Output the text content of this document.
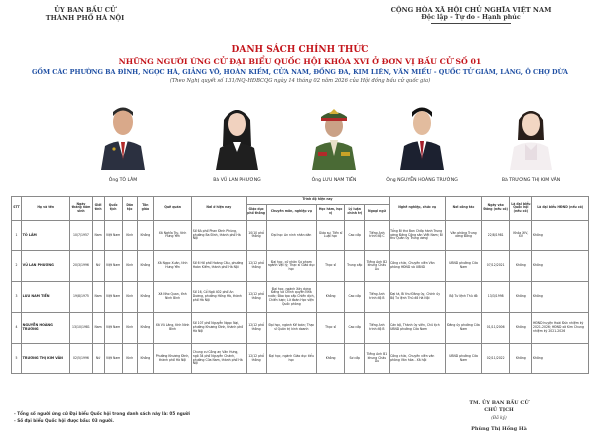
ỦY BAN BẦU CỬ
THÀNH PHỐ HÀ NỘI
CỘNG HÒA XÃ HỘI CHỦ NGHĨA VIỆT NAM
Độc lập - Tự do - Hạnh phúc
DANH SÁCH CHÍNH THỨC
NHỮNG NGƯỜI ỨNG CỬ ĐẠI BIỂU QUỐC HỘI KHÓA XVI Ở ĐƠN VỊ BẦU CỬ SỐ 01
GỒM CÁC PHƯỜNG BA ĐÌNH, NGỌC HÀ, GIẢNG VÕ, HOÀN KIẾM, CỬA NAM, ĐỐNG ĐA, KIM LIÊN, VĂN MIẾU - QUỐC TỬ GIÁM, LÁNG, Ô CHỢ DỪA
(Theo Nghị quyết số 131/NQ-HĐBCQG ngày 14 tháng 02 năm 2026 của Hội đồng bầu cử quốc gia)
Ông TÔ LÂM	Bà VŨ LAN PHƯƠNG	Ông LƯU NAM TIẾN	Ông NGUYỄN HOÀNG TRƯỜNG	Bà TRƯƠNG THỊ KIM VÂN
STT	Họ và tên	Ngày tháng năm sinh	Giới tính	Quốc tịch	Dân tộc	Tôn giáo	Quê quán	Nơi ở hiện nay	Trình độ hiện nay					Nghề nghiệp, chức vụ	Nơi công tác	Ngày vào Đảng (nếu có)	Là đại biểu Quốc hội (nếu có)	Là đại biểu HĐND (nếu có)
									Giáo dục phổ thông	Chuyên môn, nghiệp vụ	Học hàm, học vị	Lý luận chính trị	Ngoại ngữ					
1	TÔ LÂM	10/7/1957	Nam	Việt Nam	Kinh	Không	Xã Nghĩa Trụ, tỉnh Hưng Yên	Số 6A phố Phan Đình Phùng, phường Ba Đình, thành phố Hà Nội	10/10 phổ thông	Đại học An ninh nhân dân	Giáo sư, Tiến sĩ Luật học	Cao cấp	Tiếng Anh trình độ C	Tổng Bí thư Ban Chấp hành Trung ương Đảng Cộng sản Việt Nam; Bí thư Quân ủy Trung ương	Văn phòng Trung ương Đảng	22/8/1981	Khóa XIV, XV	Không
2	VŨ LAN PHƯƠNG	20/3/1996	Nữ	Việt Nam	Kinh	Không	Xã Ngọc Xuân, tỉnh Hưng Yên	Số 6 Hồ phố Hoàng Cầu, phường Hoàn Kiếm, thành phố Hà Nội	12/12 phổ thông	Đại học, cử nhân Sư phạm ngành Vật lý; Thạc sĩ Giáo dục học	Thạc sĩ	Trung cấp	Tiếng Anh B2 khung Châu Âu	Công chức, Chuyên viên Văn phòng HĐND và UBND	UBND phường Cửa Nam	07/12/2021	Không	Không
3	LƯU NAM TIẾN	19/8/1975	Nam	Việt Nam	Kinh	Không	Xã Nho Quan, tỉnh Ninh Bình	Số 16, Cổ Ngõ 402 phố An Dương, phường Hồng Hà, thành phố Hà Nội	12/12 phổ thông	Đại học, ngành Xây dựng Đảng và Chính quyền Nhà nước; Đào tạo cấp Chiến dịch, Chiến lược; Lữ đoàn Học viện Quốc phòng	Không	Cao cấp	Tiếng Anh trình độ B	Đại tá, Bí thư Đảng ủy, Chính ủy Bộ Tư lệnh Thủ đô Hà Nội	Bộ Tư lệnh Thủ đô	13/3/1998	Không	Không
4	NGUYỄN HOÀNG TRƯỜNG	13/10/1981	Nam	Việt Nam	Kinh	Không	Xã Vũ Lăng, tỉnh Ninh Bình	Số 107 phố Nguyễn Ngọc Nại, phường Khương Đình, thành phố Hà Nội	12/12 phổ thông	Đại học, ngành Kế toán; Thạc sĩ Quản trị kinh doanh	Thạc sĩ	Cao cấp	Tiếng Anh trình độ B	Cán bộ, Thành ủy viên, Chủ tịch UBND phường Cửa Nam	Đảng ủy phường Cửa Nam	01/11/2006	Không	HĐND huyện Hoài Đức nhiệm kỳ 2021-2026; HĐND xã Kim Chung nhiệm kỳ 2021-2026
5	TRƯƠNG THỊ KIM VÂN	02/5/1996	Nữ	Việt Nam	Kinh	Không	Phường Khương Đình, thành phố Hà Nội	Chung cư Công an Văn Hưng, ngõ 34 phố Nguyễn Chánh, phường Cửa Nam, thành phố Hà Nội	12/12 phổ thông	Đại học, ngành Giáo dục tiểu học	Không	Sơ cấp	Tiếng Anh B1 khung Châu Âu	Công chức, Chuyên viên văn phòng Văn hóa - Xã hội	UBND phường Cửa Nam	02/11/2022	Không	Không
- Tổng số người ứng cử Đại biểu Quốc hội trong danh sách này là: 05 người
- Số đại biểu Quốc hội được bầu: 03 người.
TM. ỦY BAN BẦU CỬ
CHỦ TỊCH
(Đã ký)
Phùng Thị Hồng Hà
